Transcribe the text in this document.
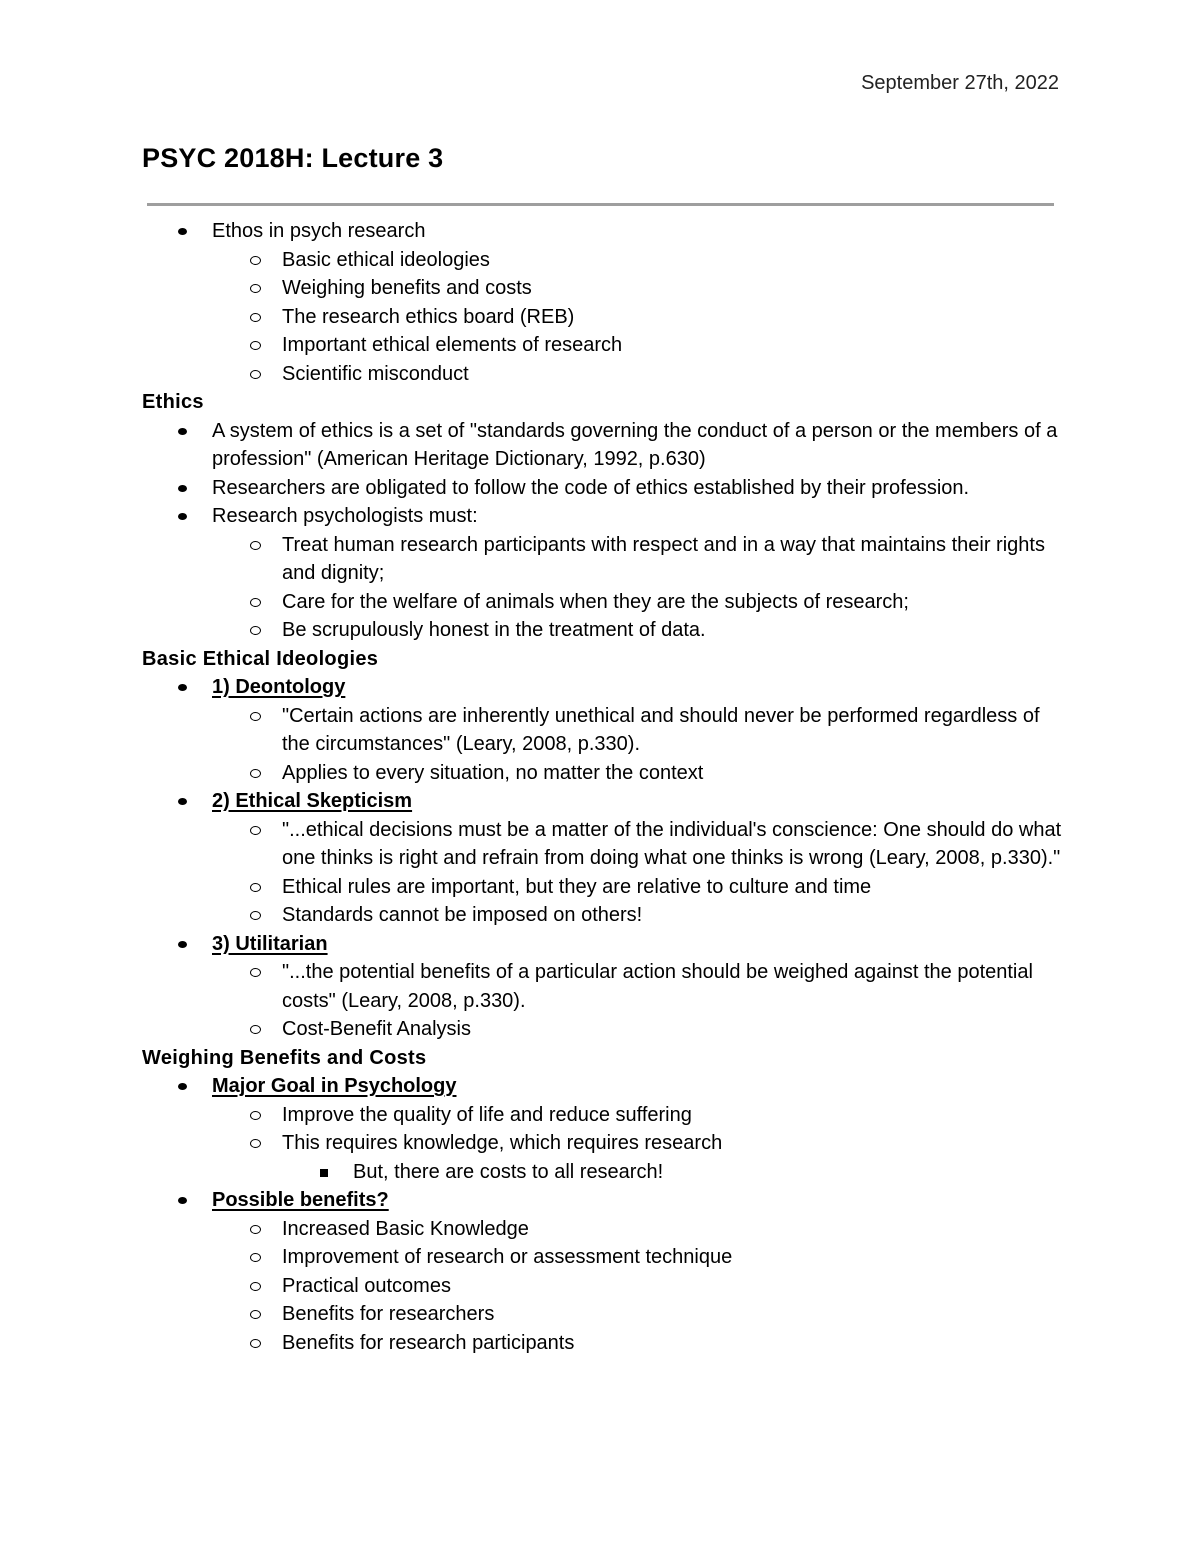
September 27th, 2022
PSYC 2018H: Lecture 3
Ethos in psych research
Basic ethical ideologies
Weighing benefits and costs
The research ethics board (REB)
Important ethical elements of research
Scientific misconduct
Ethics
A system of ethics is a set of "standards governing the conduct of a person or the members of a profession" (American Heritage Dictionary, 1992, p.630)
Researchers are obligated to follow the code of ethics established by their profession.
Research psychologists must:
Treat human research participants with respect and in a way that maintains their rights and dignity;
Care for the welfare of animals when they are the subjects of research;
Be scrupulously honest in the treatment of data.
Basic Ethical Ideologies
1) Deontology
"Certain actions are inherently unethical and should never be performed regardless of the circumstances" (Leary, 2008, p.330).
Applies to every situation, no matter the context
2) Ethical Skepticism
"...ethical decisions must be a matter of the individual's conscience: One should do what one thinks is right and refrain from doing what one thinks is wrong (Leary, 2008, p.330)."
Ethical rules are important, but they are relative to culture and time
Standards cannot be imposed on others!
3) Utilitarian
"...the potential benefits of a particular action should be weighed against the potential costs" (Leary, 2008, p.330).
Cost-Benefit Analysis
Weighing Benefits and Costs
Major Goal in Psychology
Improve the quality of life and reduce suffering
This requires knowledge, which requires research
But, there are costs to all research!
Possible benefits?
Increased Basic Knowledge
Improvement of research or assessment technique
Practical outcomes
Benefits for researchers
Benefits for research participants
